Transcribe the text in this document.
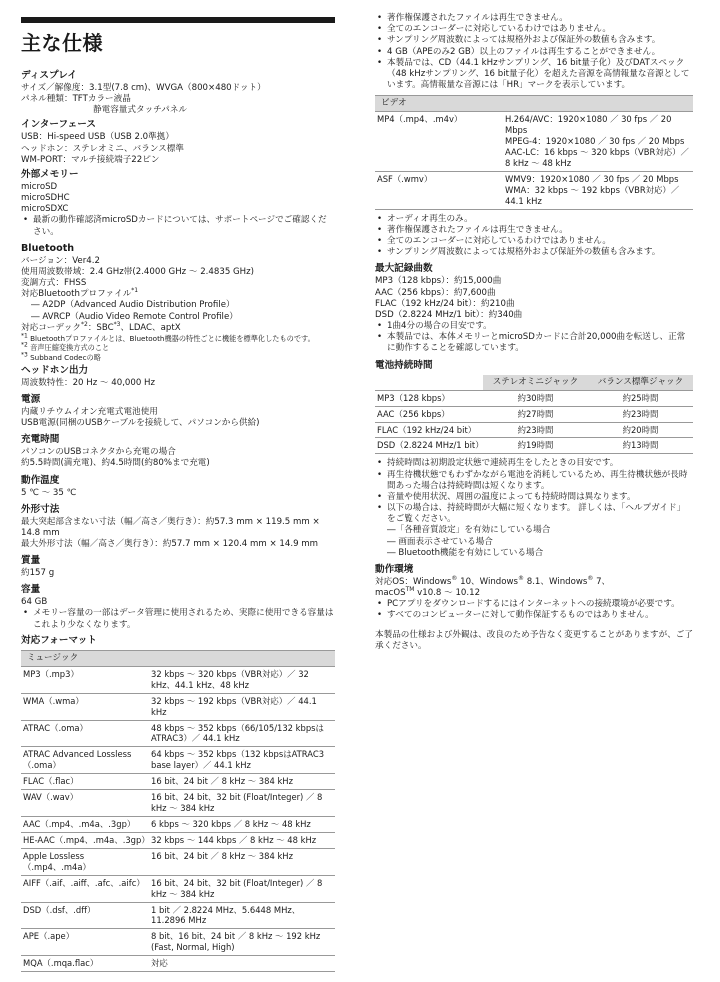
主な仕様
ディスプレイ
サイズ／解像度：3.1型(7.8 cm)、WVGA（800×480ドット）
パネル種類：TFTカラー液晶
静電容量式タッチパネル
インターフェース
USB：Hi-speed USB（USB 2.0準拠）
ヘッドホン：ステレオミニ、バランス標準
WM-PORT：マルチ接続端子22ピン
外部メモリー
microSD
microSDHC
microSDXC
• 最新の動作確認済microSDカードについては、サポートページでご確認ください。
Bluetooth
バージョン：Ver4.2
使用周波数帯域：2.4 GHz帯(2.4000 GHz ～ 2.4835 GHz)
変調方式：FHSS
対応Bluetoothプロファイル$^{*1}$
― A2DP（Advanced Audio Distribution Profile）
― AVRCP（Audio Video Remote Control Profile）
対応コーデック$^{*2}$：SBC$^{*3}$、LDAC、aptX
$^{*1}$ Bluetoothプロファイルとは、Bluetooth機器の特性ごとに機能を標準化したものです。
$^{*2}$ 音声圧縮変換方式のこと
$^{*3}$ Subband Codecの略
ヘッドホン出力
周波数特性：20 Hz ～ 40,000 Hz
電源
内蔵リチウムイオン充電式電池使用
USB電源(同梱のUSBケーブルを接続して、パソコンから供給)
充電時間
パソコンのUSBコネクタから充電の場合
約5.5時間(満充電)、約4.5時間(約80%まで充電)
動作温度
5 ℃ ～ 35 ℃
外形寸法
最大突起部含まない寸法（幅／高さ／奥行き）：約57.3 mm × 119.5 mm × 14.8 mm
最大外形寸法（幅／高さ／奥行き）：約57.7 mm × 120.4 mm × 14.9 mm
質量
約157 g
容量
64 GB
• メモリー容量の一部はデータ管理に使用されるため、実際に使用できる容量はこれより少なくなります。
対応フォーマット
ミュージック
MP3（.mp3）	32 kbps ～ 320 kbps（VBR対応）／ 32 kHz、44.1 kHz、48 kHz
WMA（.wma）	32 kbps ～ 192 kbps（VBR対応）／ 44.1 kHz
ATRAC（.oma）	48 kbps ～ 352 kbps（66/105/132 kbpsはATRAC3）／ 44.1 kHz
ATRAC Advanced Lossless（.oma）	64 kbps ～ 352 kbps（132 kbpsはATRAC3 base layer）／ 44.1 kHz
FLAC（.flac）	16 bit、24 bit ／ 8 kHz ～ 384 kHz
WAV（.wav）	16 bit、24 bit、32 bit (Float/Integer) ／ 8 kHz ～ 384 kHz
AAC（.mp4、.m4a、.3gp）	6 kbps ～ 320 kbps ／ 8 kHz ～ 48 kHz
HE-AAC（.mp4、.m4a、.3gp）	32 kbps ～ 144 kbps ／ 8 kHz ～ 48 kHz
Apple Lossless（.mp4、.m4a）	16 bit、24 bit ／ 8 kHz ～ 384 kHz
AIFF（.aif、.aiff、.afc、.aifc）	16 bit、24 bit、32 bit (Float/Integer) ／ 8 kHz ～ 384 kHz
DSD（.dsf、.dff）	1 bit ／ 2.8224 MHz、5.6448 MHz、11.2896 MHz
APE（.ape）	8 bit、16 bit、24 bit ／ 8 kHz ～ 192 kHz (Fast, Normal, High)
MQA（.mqa.flac）	対応
• 著作権保護されたファイルは再生できません。
• 全てのエンコーダーに対応しているわけではありません。
• サンプリング周波数によっては規格外および保証外の数値も含みます。
• 4 GB（APEのみ2 GB）以上のファイルは再生することができません。
• 本製品では、CD（44.1 kHzサンプリング、16 bit量子化）及びDATスペック（48 kHzサンプリング、16 bit量子化）を超えた音源を高情報量な音源としています。高情報量な音源には「HR」マークを表示しています。
ビデオ
MP4（.mp4、.m4v）	H.264/AVC：1920×1080 ／ 30 fps ／ 20 Mbps
MPEG-4：1920×1080 ／ 30 fps ／ 20 Mbps
AAC-LC：16 kbps ～ 320 kbps（VBR対応）／ 8 kHz ～ 48 kHz

ASF（.wmv）	WMV9：1920×1080 ／ 30 fps ／ 20 Mbps
WMA：32 kbps ～ 192 kbps（VBR対応）／ 44.1 kHz
• オーディオ再生のみ。
• 著作権保護されたファイルは再生できません。
• 全てのエンコーダーに対応しているわけではありません。
• サンプリング周波数によっては規格外および保証外の数値も含みます。
最大記録曲数
MP3（128 kbps）：約15,000曲
AAC（256 kbps）：約7,600曲
FLAC（192 kHz/24 bit）：約210曲
DSD（2.8224 MHz/1 bit）：約340曲
• 1曲4分の場合の目安です。
• 本製品では、本体メモリーとmicroSDカードに合計20,000曲を転送し、正常に動作することを確認しています。
電池持続時間
	ステレオミニジャック	バランス標準ジャック
MP3（128 kbps）	約30時間	約25時間
AAC（256 kbps）	約27時間	約23時間
FLAC（192 kHz/24 bit）	約23時間	約20時間
DSD（2.8224 MHz/1 bit）	約19時間	約13時間
• 持続時間は初期設定状態で連続再生をしたときの目安です。
• 再生待機状態でもわずかながら電池を消耗しているため、再生待機状態が長時間あった場合は持続時間は短くなります。
• 音量や使用状況、周囲の温度によっても持続時間は異なります。
• 以下の場合は、持続時間が大幅に短くなります。 詳しくは、「ヘルプガイド」をご覧ください。
―「各種音質設定」を有効にしている場合
― 画面表示させている場合
― Bluetooth機能を有効にしている場合
動作環境
対応OS：Windows® 10、Windows® 8.1、Windows® 7、
macOS™ v10.8 ～ 10.12
• PCアプリをダウンロードするにはインターネットへの接続環境が必要です。
• すべてのコンピューターに対して動作保証するものではありません。
本製品の仕様および外観は、改良のため予告なく変更することがありますが、ご了承ください。
